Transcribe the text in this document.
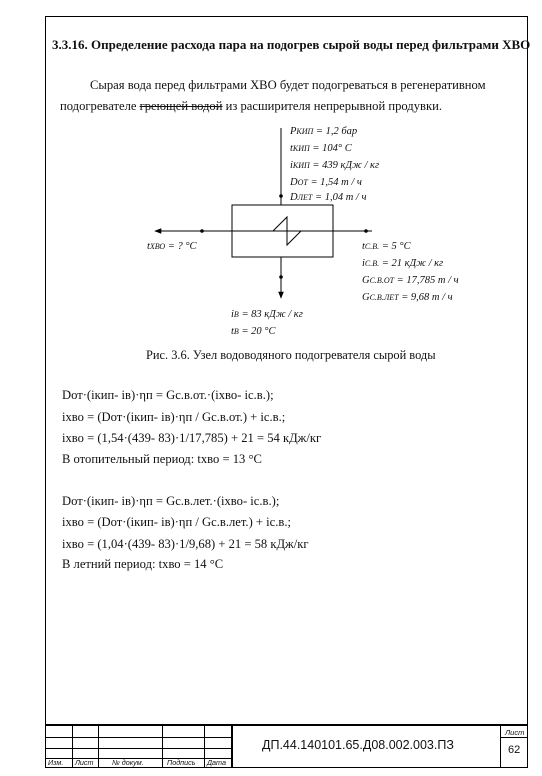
3.3.16. Определение расхода пара на подогрев сырой воды перед фильтрами ХВО
Сырая вода перед фильтрами ХВО будет подогреваться в регенеративном
подогревателе греющей водой из расширителя непрерывной продувки.
PКИП = 1,2 бар
tКИП = 104° С
iКИП = 439 кДж / кг
DОТ = 1,54 т / ч
DЛЕТ = 1,04 т / ч
tХВО = ? °С	tС.В. = 5 °С
iС.В. = 21 кДж / кг
GС.В.ОТ = 17,785 т / ч
GС.В.ЛЕТ = 9,68 т / ч
iВ = 83 кДж / кг
tВ = 20 °С
Рис. 3.6. Узел водоводяного подогревателя сырой воды
Dот·(iкип- iв)·ηп = Gс.в.от.·(iхво- iс.в.);
iхво = (Dот·(iкип- iв)·ηп / Gс.в.от.) + iс.в.;
iхво = (1,54·(439- 83)·1/17,785) + 21 = 54 кДж/кг
В отопительный период: tхво = 13 °С
Dот·(iкип- iв)·ηп = Gс.в.лет.·(iхво- iс.в.);
iхво = (Dот·(iкип- iв)·ηп / Gс.в.лет.) + iс.в.;
iхво = (1,04·(439- 83)·1/9,68) + 21 = 58 кДж/кг
В летний период: tхво = 14 °С
Изм. Лист	№ докум.	Подпись Дата
ДП.44.140101.65.Д08.002.003.ПЗ
Лист
62
